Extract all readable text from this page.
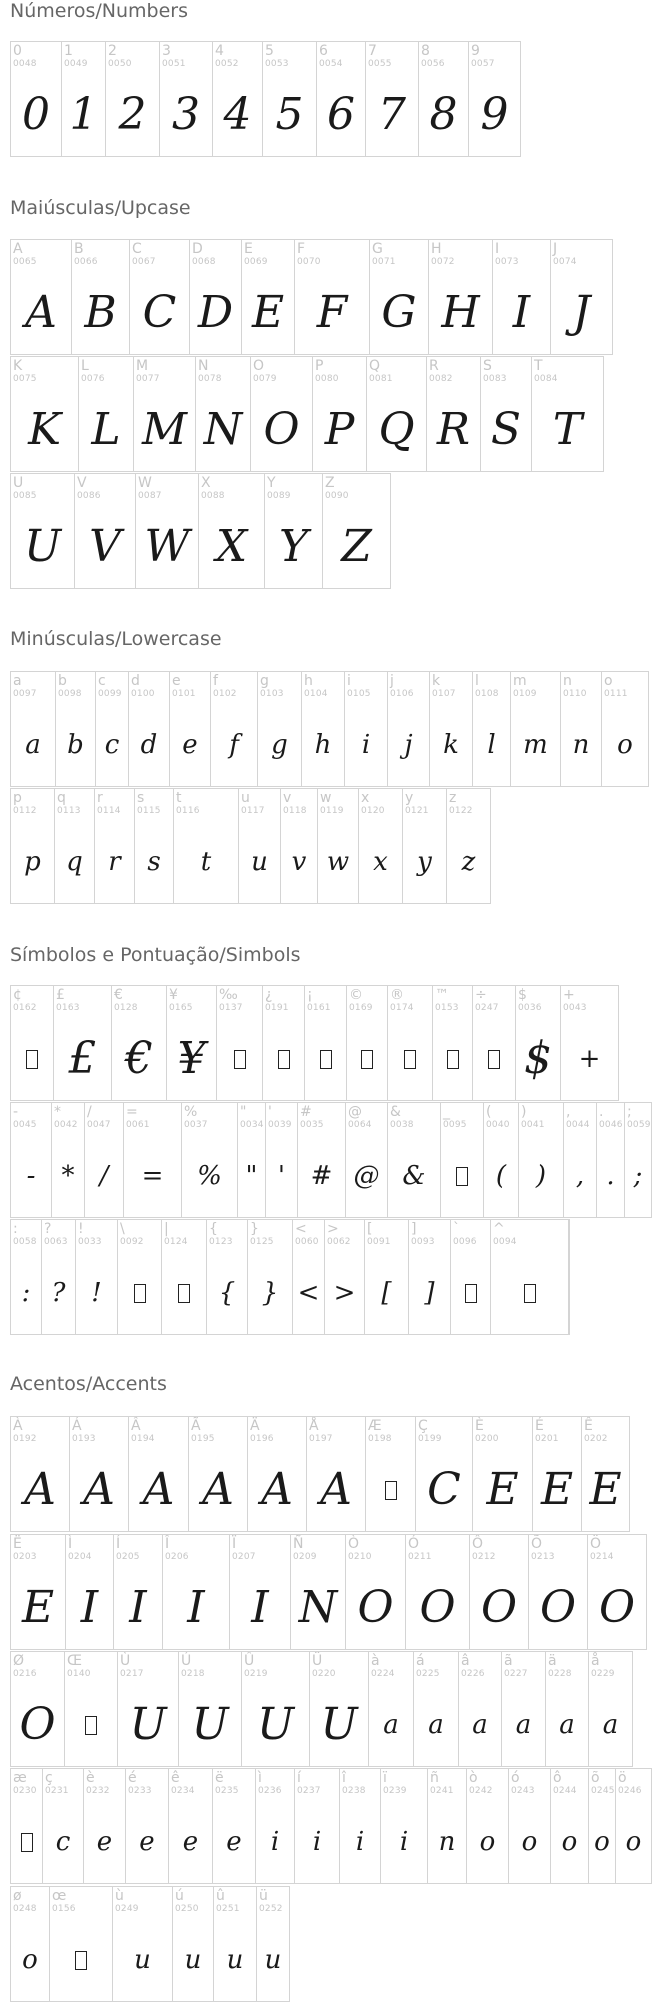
Números/Numbers
0
0048
0
1
0049
1
2
0050
2
3
0051
3
4
0052
4
5
0053
5
6
0054
6
7
0055
7
8
0056
8
9
0057
9
Maiúsculas/Upcase
A
0065
A
B
0066
B
C
0067
C
D
0068
D
E
0069
E
F
0070
F
G
0071
G
H
0072
H
I
0073
I
J
0074
J
K
0075
K
L
0076
L
M
0077
M
N
0078
N
O
0079
O
P
0080
P
Q
0081
Q
R
0082
R
S
0083
S
T
0084
T
U
0085
U
V
0086
V
W
0087
W
X
0088
X
Y
0089
Y
Z
0090
Z
Minúsculas/Lowercase
a
0097
a
b
0098
b
c
0099
c
d
0100
d
e
0101
e
f
0102
f
g
0103
g
h
0104
h
i
0105
i
j
0106
j
k
0107
k
l
0108
l
m
0109
m
n
0110
n
o
0111
o
p
0112
p
q
0113
q
r
0114
r
s
0115
s
t
0116
t
u
0117
u
v
0118
v
w
0119
w
x
0120
x
y
0121
y
z
0122
z
Símbolos e Pontuação/Simbols
¢
0162
£
0163
£
€
0128
€
¥
0165
¥
‰
0137
¿
0191
¡
0161
©
0169
®
0174
™
0153
÷
0247
$
0036
$
+
0043
+
-
0045
-
*
0042
*
/
0047
/
=
0061
=
%
0037
%
"
0034
"
'
0039
'
#
0035
#
@
0064
@
&
0038
&
_
0095
(
0040
(
)
0041
)
,
0044
,
.
0046
.
;
0059
;
:
0058
:
?
0063
?
!
0033
!
\
0092
|
0124
{
0123
{
}
0125
}
<
0060
<
>
0062
>
[
0091
[
]
0093
]
`
0096
^
0094
Acentos/Accents
À
0192
A
Á
0193
A
Â
0194
A
Ã
0195
A
Ä
0196
A
Å
0197
A
Æ
0198
Ç
0199
C
È
0200
E
É
0201
E
Ê
0202
E
Ë
0203
E
Ì
0204
I
Í
0205
I
Î
0206
I
Ï
0207
I
Ñ
0209
N
Ò
0210
O
Ó
0211
O
Ô
0212
O
Õ
0213
O
Ö
0214
O
Ø
0216
O
Œ
0140
Ù
0217
U
Ú
0218
U
Û
0219
U
Ü
0220
U
à
0224
a
á
0225
a
â
0226
a
ã
0227
a
ä
0228
a
å
0229
a
æ
0230
ç
0231
c
è
0232
e
é
0233
e
ê
0234
e
ë
0235
e
ì
0236
i
í
0237
i
î
0238
i
ï
0239
i
ñ
0241
n
ò
0242
o
ó
0243
o
ô
0244
o
õ
0245
o
ö
0246
o
ø
0248
o
œ
0156
ù
0249
u
ú
0250
u
û
0251
u
ü
0252
u
